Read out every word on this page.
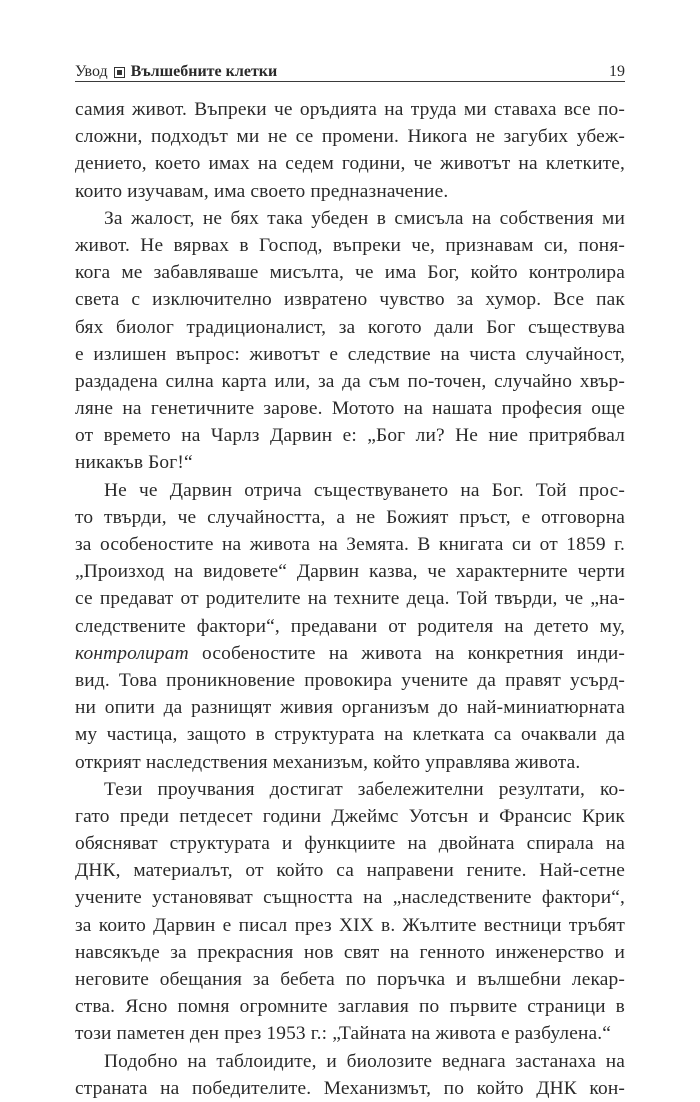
Увод Вълшебните клетки	19
самия живот. Въпреки че оръдията на труда ми ставаха все по-
сложни, подходът ми не се промени. Никога не загубих убеж-
дението, което имах на седем години, че животът на клетките,
които изучавам, има своето предназначение.
За жалост, не бях така убеден в смисъла на собствения ми
живот. Не вярвах в Господ, въпреки че, признавам си, поня-
кога ме забавляваше мисълта, че има Бог, който контролира
света с изключително извратено чувство за хумор. Все пак
бях биолог традиционалист, за когото дали Бог съществува
е излишен въпрос: животът е следствие на чиста случайност,
раздадена силна карта или, за да съм по-точен, случайно хвър-
ляне на генетичните зарове. Мотото на нашата професия още
от времето на Чарлз Дарвин е: „Бог ли? Не ние притрябвал
никакъв Бог!“
Не че Дарвин отрича съществуването на Бог. Той прос-
то твърди, че случайността, а не Божият пръст, е отговорна
за особеностите на живота на Земята. В книгата си от 1859 г.
„Произход на видовете“ Дарвин казва, че характерните черти
се предават от родителите на техните деца. Той твърди, че „на-
следствените фактори“, предавани от родителя на детето му,
контролират особеностите на живота на конкретния инди-
вид. Това проникновение провокира учените да правят усърд-
ни опити да разнищят живия организъм до най-миниатюрната
му частица, защото в структурата на клетката са очаквали да
открият наследствения механизъм, който управлява живота.
Тези проучвания достигат забележителни резултати, ко-
гато преди петдесет години Джеймс Уотсън и Франсис Крик
обясняват структурата и функциите на двойната спирала на
ДНК, материалът, от който са направени гените. Най-сетне
учените установяват същността на „наследствените фактори“,
за които Дарвин е писал през XIX в. Жълтите вестници тръбят
навсякъде за прекрасния нов свят на генното инженерство и
неговите обещания за бебета по поръчка и вълшебни лекар-
ства. Ясно помня огромните заглавия по първите страници в
този паметен ден през 1953 г.: „Тайната на живота е разбулена.“
Подобно на таблоидите, и биолозите веднага застанаха на
страната на победителите. Механизмът, по който ДНК кон-
